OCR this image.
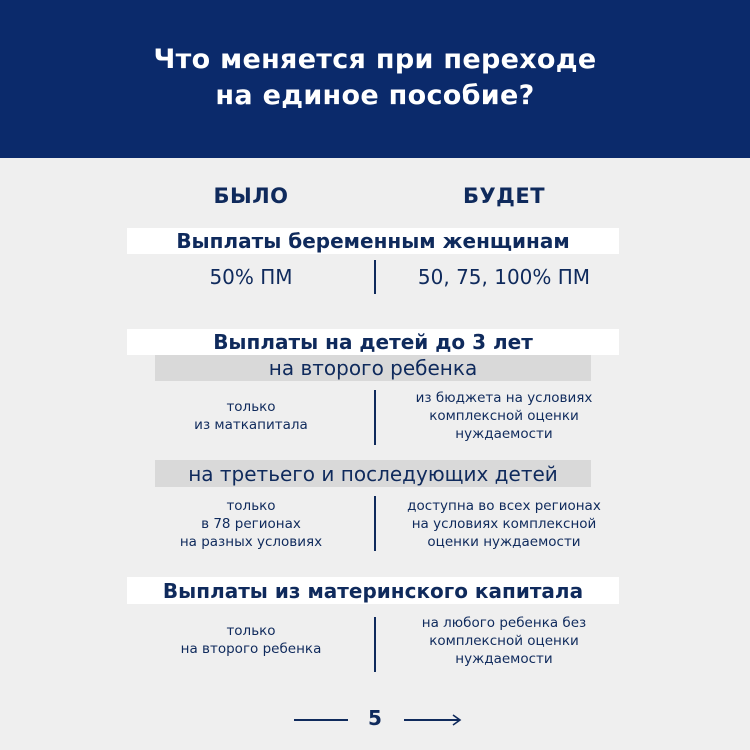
Что меняется при переходе
на единое пособие?
БЫЛО	БУДЕТ
Выплаты беременным женщинам
50% ПМ	50, 75, 100% ПМ
Выплаты на детей до 3 лет
на второго ребенка
только
из маткапитала
из бюджета на условиях
комплексной оценки
нуждаемости
на третьего и последующих детей
только
в 78 регионах
на разных условиях
доступна во всех регионах
на условиях комплексной
оценки нуждаемости
Выплаты из материнского капитала
только
на второго ребенка
на любого ребенка без
комплексной оценки
нуждаемости
5
